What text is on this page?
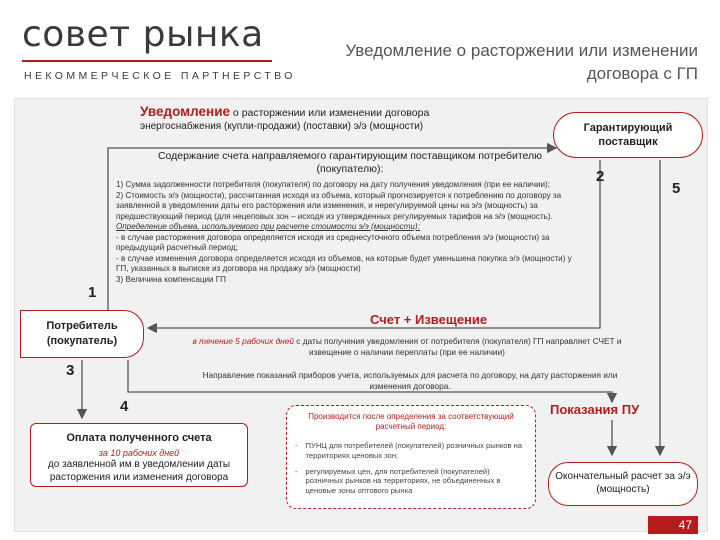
совет рынка
НЕКОММЕРЧЕСКОЕ ПАРТНЕРСТВО
Уведомление о расторжении или изменении договора с ГП
Уведомление о расторжении или изменении договора
энергоснабжения (купли-продажи) (поставки) э/э (мощности)
Содержание счета направляемого гарантирующим поставщиком потребителю (покупателю):
1) Сумма задолженности потребителя (покупателя) по договору на дату получения уведомления (при ее наличии);
2) Стоимость э/э (мощности), рассчитанная исходя из объема, который прогнозируется к потреблению по договору за заявленной в уведомлении даты его расторжения или изменения, и нерегулируемой цены на э/э (мощность) за предшествующий период (для нецеповых зон – исходя из утвержденных регулируемых тарифов на э/э (мощность).
Определение объема, используемого при расчете стоимости э/э (мощности):
- в случае расторжения договора определяется исходя из среднесуточного объема потребления э/э (мощности) за предыдущий расчетный период;
- в случае изменения договора определяется исходя из объемов, на которые будет уменьшена покупка э/э (мощности) у ГП, указанных в выписке из договора на продажу э/э (мощности)
3) Величина компенсации ГП
Гарантирующий поставщик
Потребитель (покупатель)
1
2
3
4
5
Счет + Извещение
в течение 5 рабочих дней с даты получения уведомления от потребителя (покупателя) ГП направляет СЧЕТ и извещение о наличии переплаты (при ее наличии)
Направление показаний приборов учета, используемых для расчета по договору, на дату расторжения или изменения договора.
Показания ПУ
Оплата полученного счета
за 10 рабочих дней
до заявленной им в уведомлении даты расторжения или изменения договора
Производится после определения за соответствующий расчетный период:
- ПУНЦ для потребителей (покупателей) розничных рынков на территориях ценовых зон;
- регулируемых цен, для потребителей (покупателей) розничных рынков на территориях, не объединенных в ценовые зоны оптового рынка
Окончательный расчет за э/э (мощность)
47
